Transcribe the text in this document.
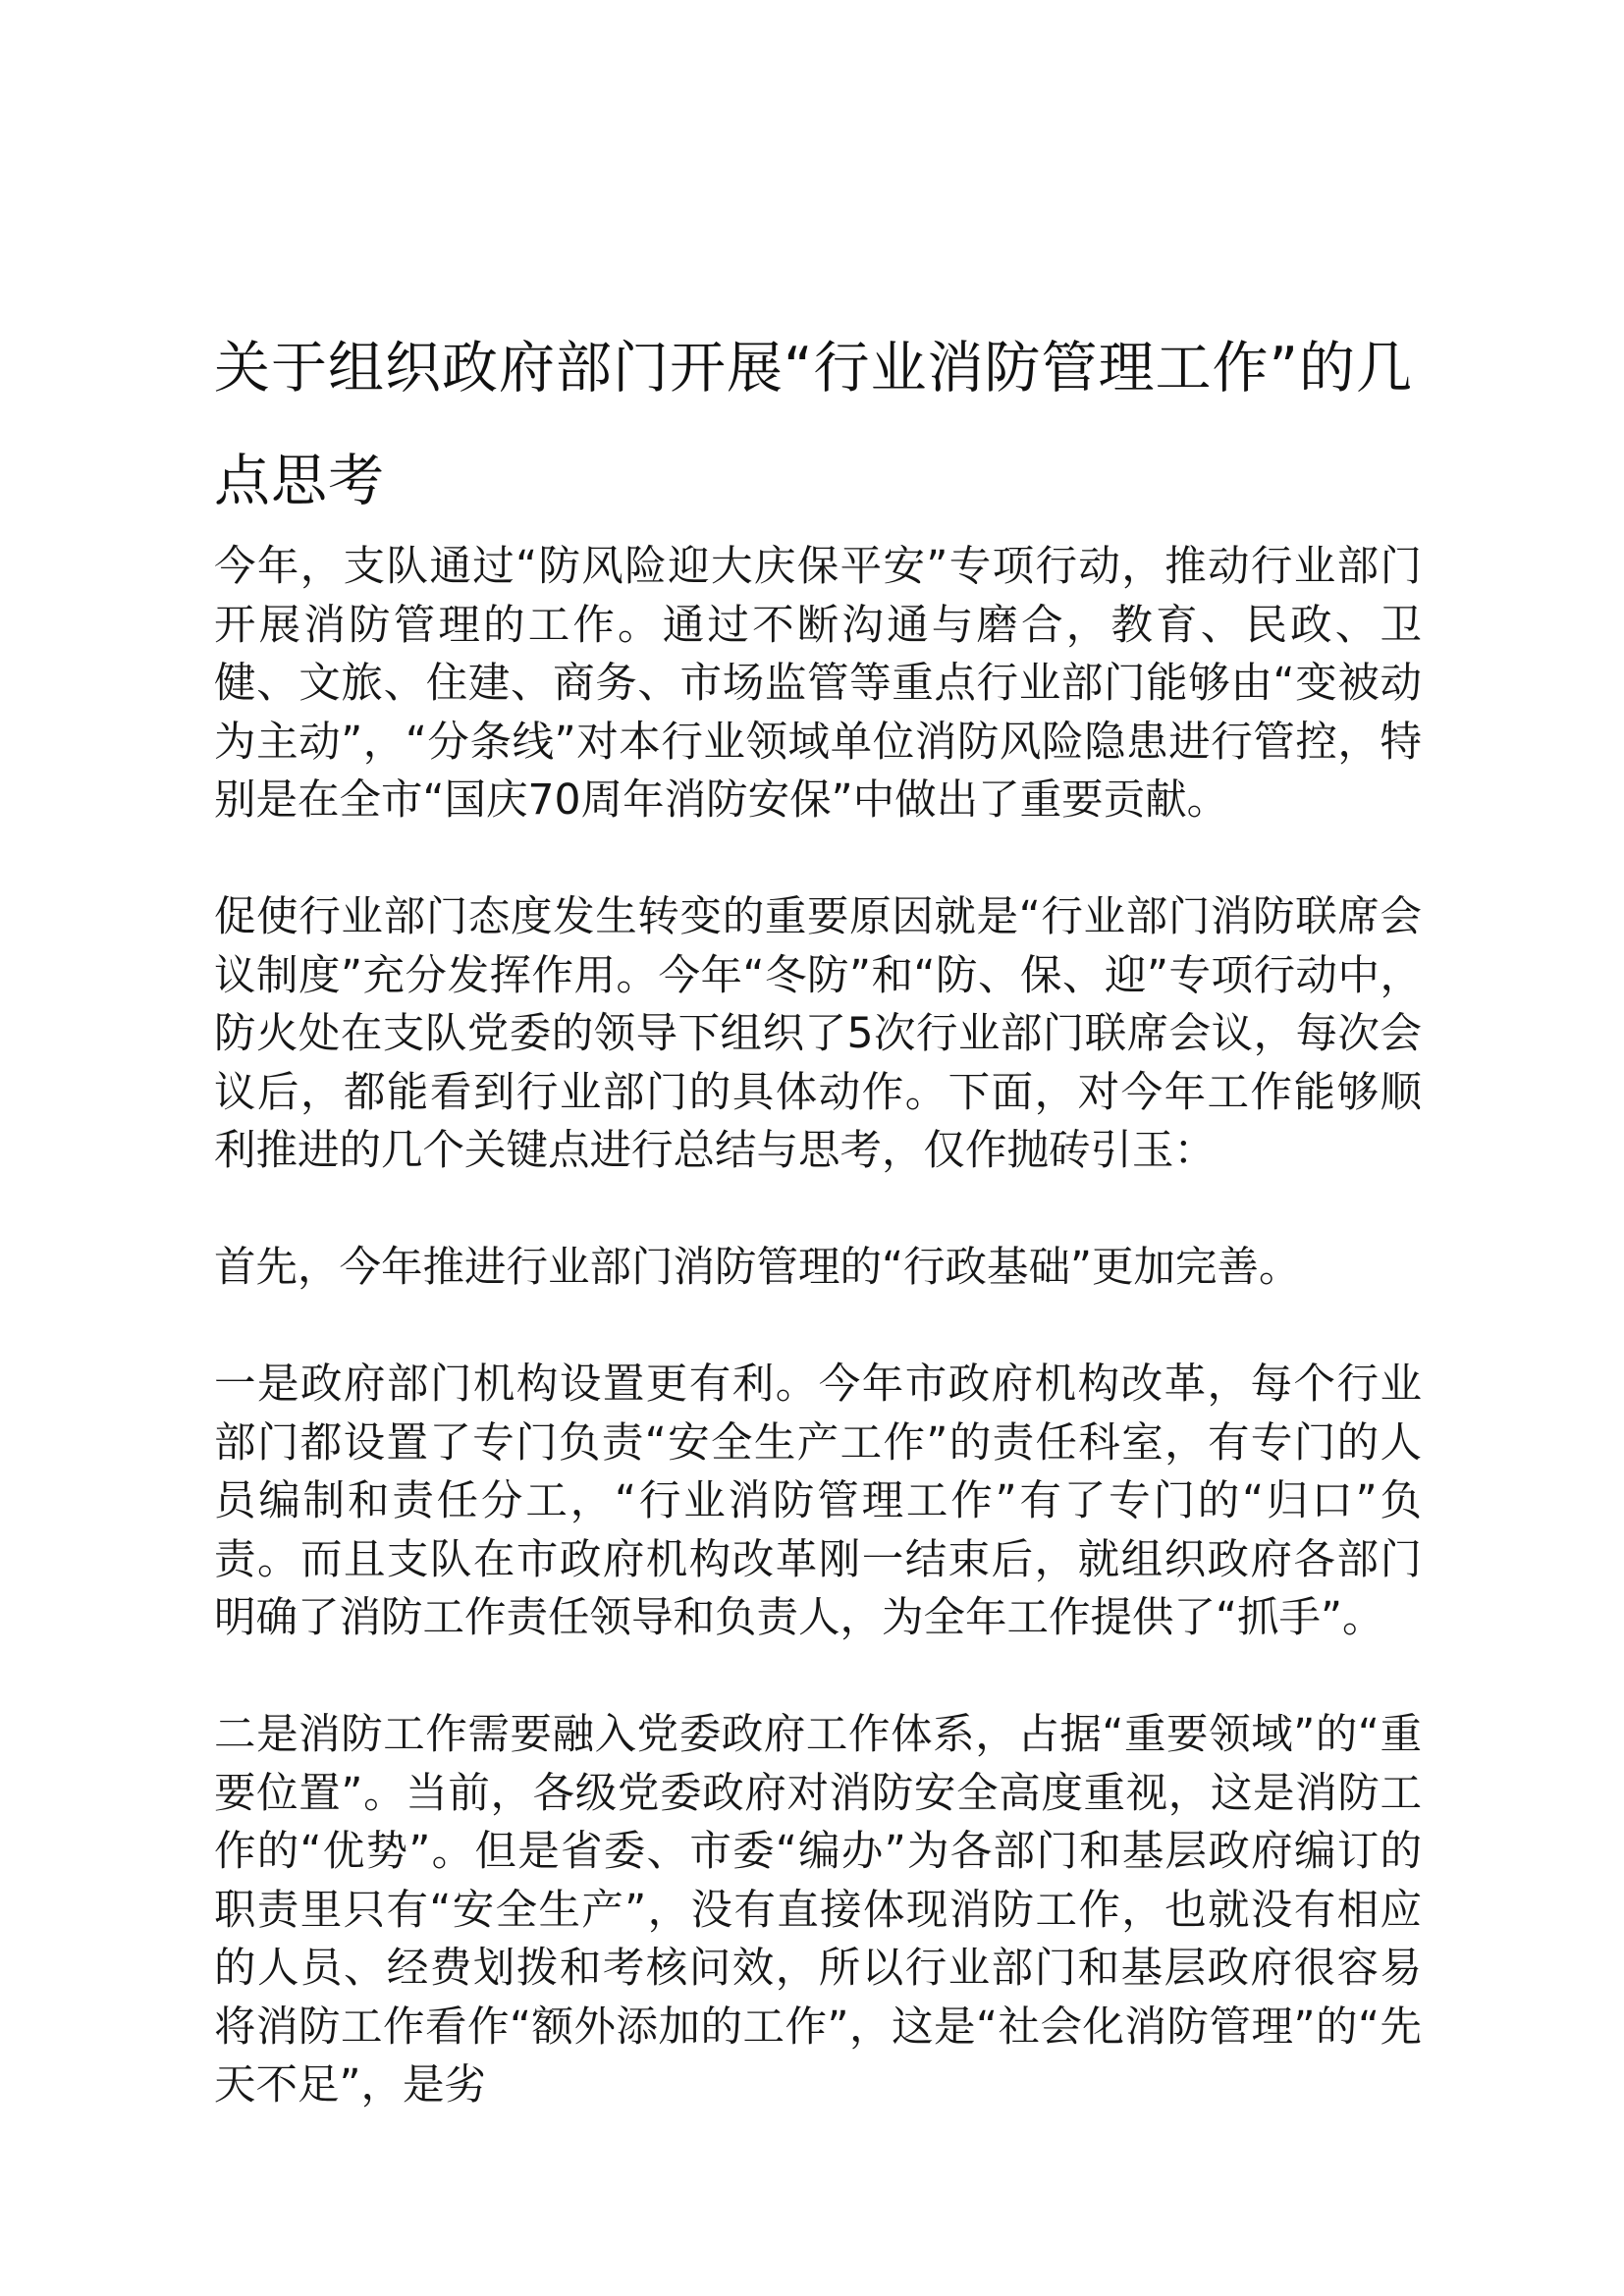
关于组织政府部门开展“行业消防管理工作”的几点思考

今年，支队通过“防风险迎大庆保平安”专项行动，推动行业部门开展消防管理的工作。通过不断沟通与磨合，教育、民政、卫健、文旅、住建、商务、市场监管等重点行业部门能够由“变被动为主动”，“分条线”对本行业领域单位消防风险隐患进行管控，特别是在全市“国庆70周年消防安保”中做出了重要贡献。

促使行业部门态度发生转变的重要原因就是“行业部门消防联席会议制度”充分发挥作用。今年“冬防”和“防、保、迎”专项行动中，防火处在支队党委的领导下组织了5次行业部门联席会议，每次会议后，都能看到行业部门的具体动作。下面，对今年工作能够顺利推进的几个关键点进行总结与思考，仅作抛砖引玉：

首先，今年推进行业部门消防管理的“行政基础”更加完善。

一是政府部门机构设置更有利。今年市政府机构改革，每个行业部门都设置了专门负责“安全生产工作”的责任科室，有专门的人员编制和责任分工，“行业消防管理工作”有了专门的“归口”负责。而且支队在市政府机构改革刚一结束后，就组织政府各部门明确了消防工作责任领导和负责人，为全年工作提供了“抓手”。

二是消防工作需要融入党委政府工作体系，占据“重要领域”的“重要位置”。当前，各级党委政府对消防安全高度重视，这是消防工作的“优势”。但是省委、市委“编办”为各部门和基层政府编订的职责里只有“安全生产”，没有直接体现消防工作，也就没有相应的人员、经费划拨和考核问效，所以行业部门和基层政府很容易将消防工作看作“额外添加的工作”，这是“社会化消防管理”的“先天不足”，是劣
